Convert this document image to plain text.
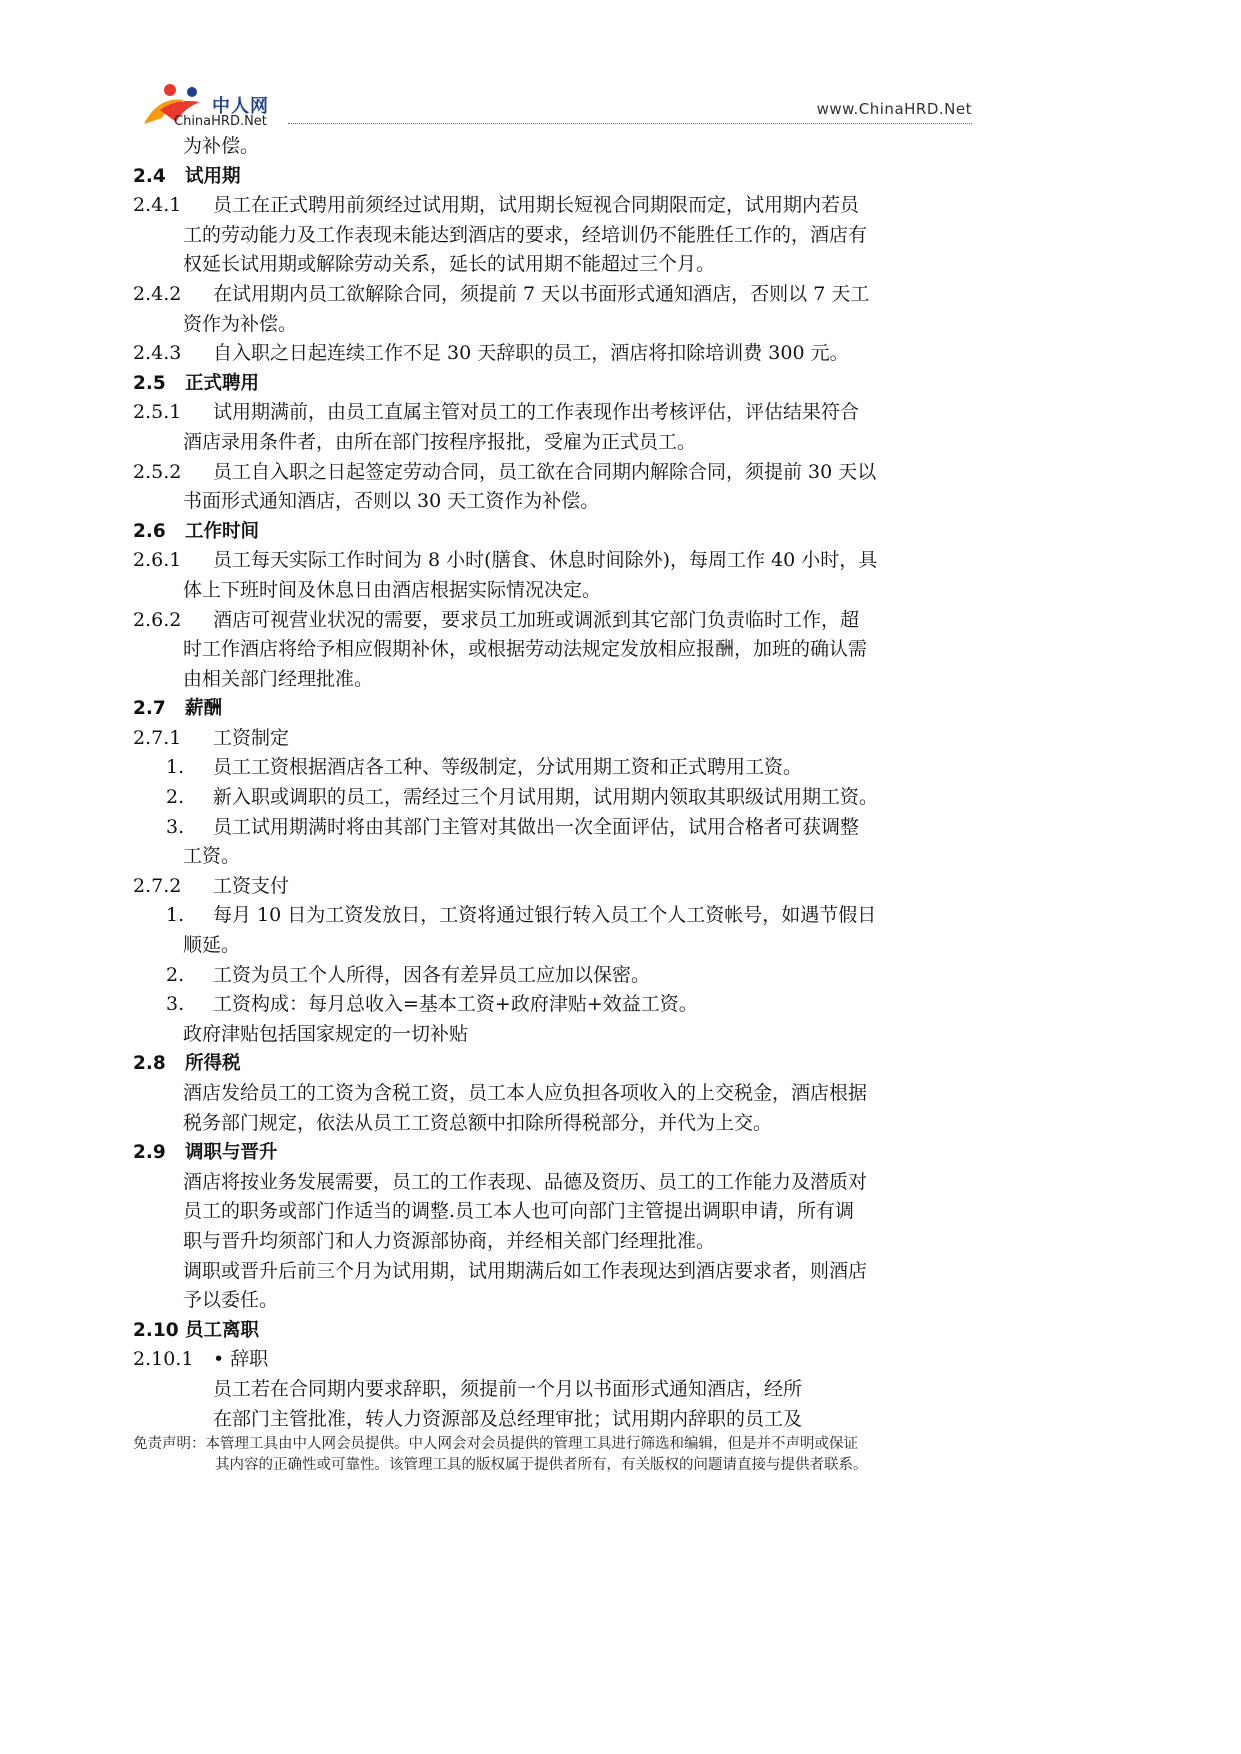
中人网
ChinaHRD.Net
www.ChinaHRD.Net
为补偿。
2.4 试用期
2.4.1 员工在正式聘用前须经过试用期，试用期长短视合同期限而定，试用期内若员
工的劳动能力及工作表现未能达到酒店的要求，经培训仍不能胜任工作的，酒店有
权延长试用期或解除劳动关系，延长的试用期不能超过三个月。
2.4.2 在试用期内员工欲解除合同，须提前 7 天以书面形式通知酒店，否则以 7 天工
资作为补偿。
2.4.3 自入职之日起连续工作不足 30 天辞职的员工，酒店将扣除培训费 300 元。
2.5 正式聘用
2.5.1 试用期满前，由员工直属主管对员工的工作表现作出考核评估，评估结果符合
酒店录用条件者，由所在部门按程序报批，受雇为正式员工。
2.5.2 员工自入职之日起签定劳动合同，员工欲在合同期内解除合同，须提前 30 天以
书面形式通知酒店，否则以 30 天工资作为补偿。
2.6 工作时间
2.6.1 员工每天实际工作时间为 8 小时(膳食、休息时间除外)，每周工作 40 小时，具
体上下班时间及休息日由酒店根据实际情况决定。
2.6.2 酒店可视营业状况的需要，要求员工加班或调派到其它部门负责临时工作，超
时工作酒店将给予相应假期补休，或根据劳动法规定发放相应报酬，加班的确认需
由相关部门经理批准。
2.7 薪酬
2.7.1 工资制定
1. 员工工资根据酒店各工种、等级制定，分试用期工资和正式聘用工资。
2. 新入职或调职的员工，需经过三个月试用期，试用期内领取其职级试用期工资。
3. 员工试用期满时将由其部门主管对其做出一次全面评估，试用合格者可获调整
工资。
2.7.2 工资支付
1. 每月 10 日为工资发放日，工资将通过银行转入员工个人工资帐号，如遇节假日
顺延。
2. 工资为员工个人所得，因各有差异员工应加以保密。
3. 工资构成：每月总收入=基本工资+政府津贴+效益工资。
政府津贴包括国家规定的一切补贴
2.8 所得税
酒店发给员工的工资为含税工资，员工本人应负担各项收入的上交税金，酒店根据
税务部门规定，依法从员工工资总额中扣除所得税部分，并代为上交。
2.9 调职与晋升
酒店将按业务发展需要，员工的工作表现、品德及资历、员工的工作能力及潜质对
员工的职务或部门作适当的调整.员工本人也可向部门主管提出调职申请，所有调
职与晋升均须部门和人力资源部协商，并经相关部门经理批准。
调职或晋升后前三个月为试用期，试用期满后如工作表现达到酒店要求者，则酒店
予以委任。
2.10 员工离职
2.10.1 • 辞职
员工若在合同期内要求辞职，须提前一个月以书面形式通知酒店，经所
在部门主管批准，转人力资源部及总经理审批；试用期内辞职的员工及
免责声明：本管理工具由中人网会员提供。中人网会对会员提供的管理工具进行筛选和编辑，但是并不声明或保证
其内容的正确性或可靠性。该管理工具的版权属于提供者所有，有关版权的问题请直接与提供者联系。
